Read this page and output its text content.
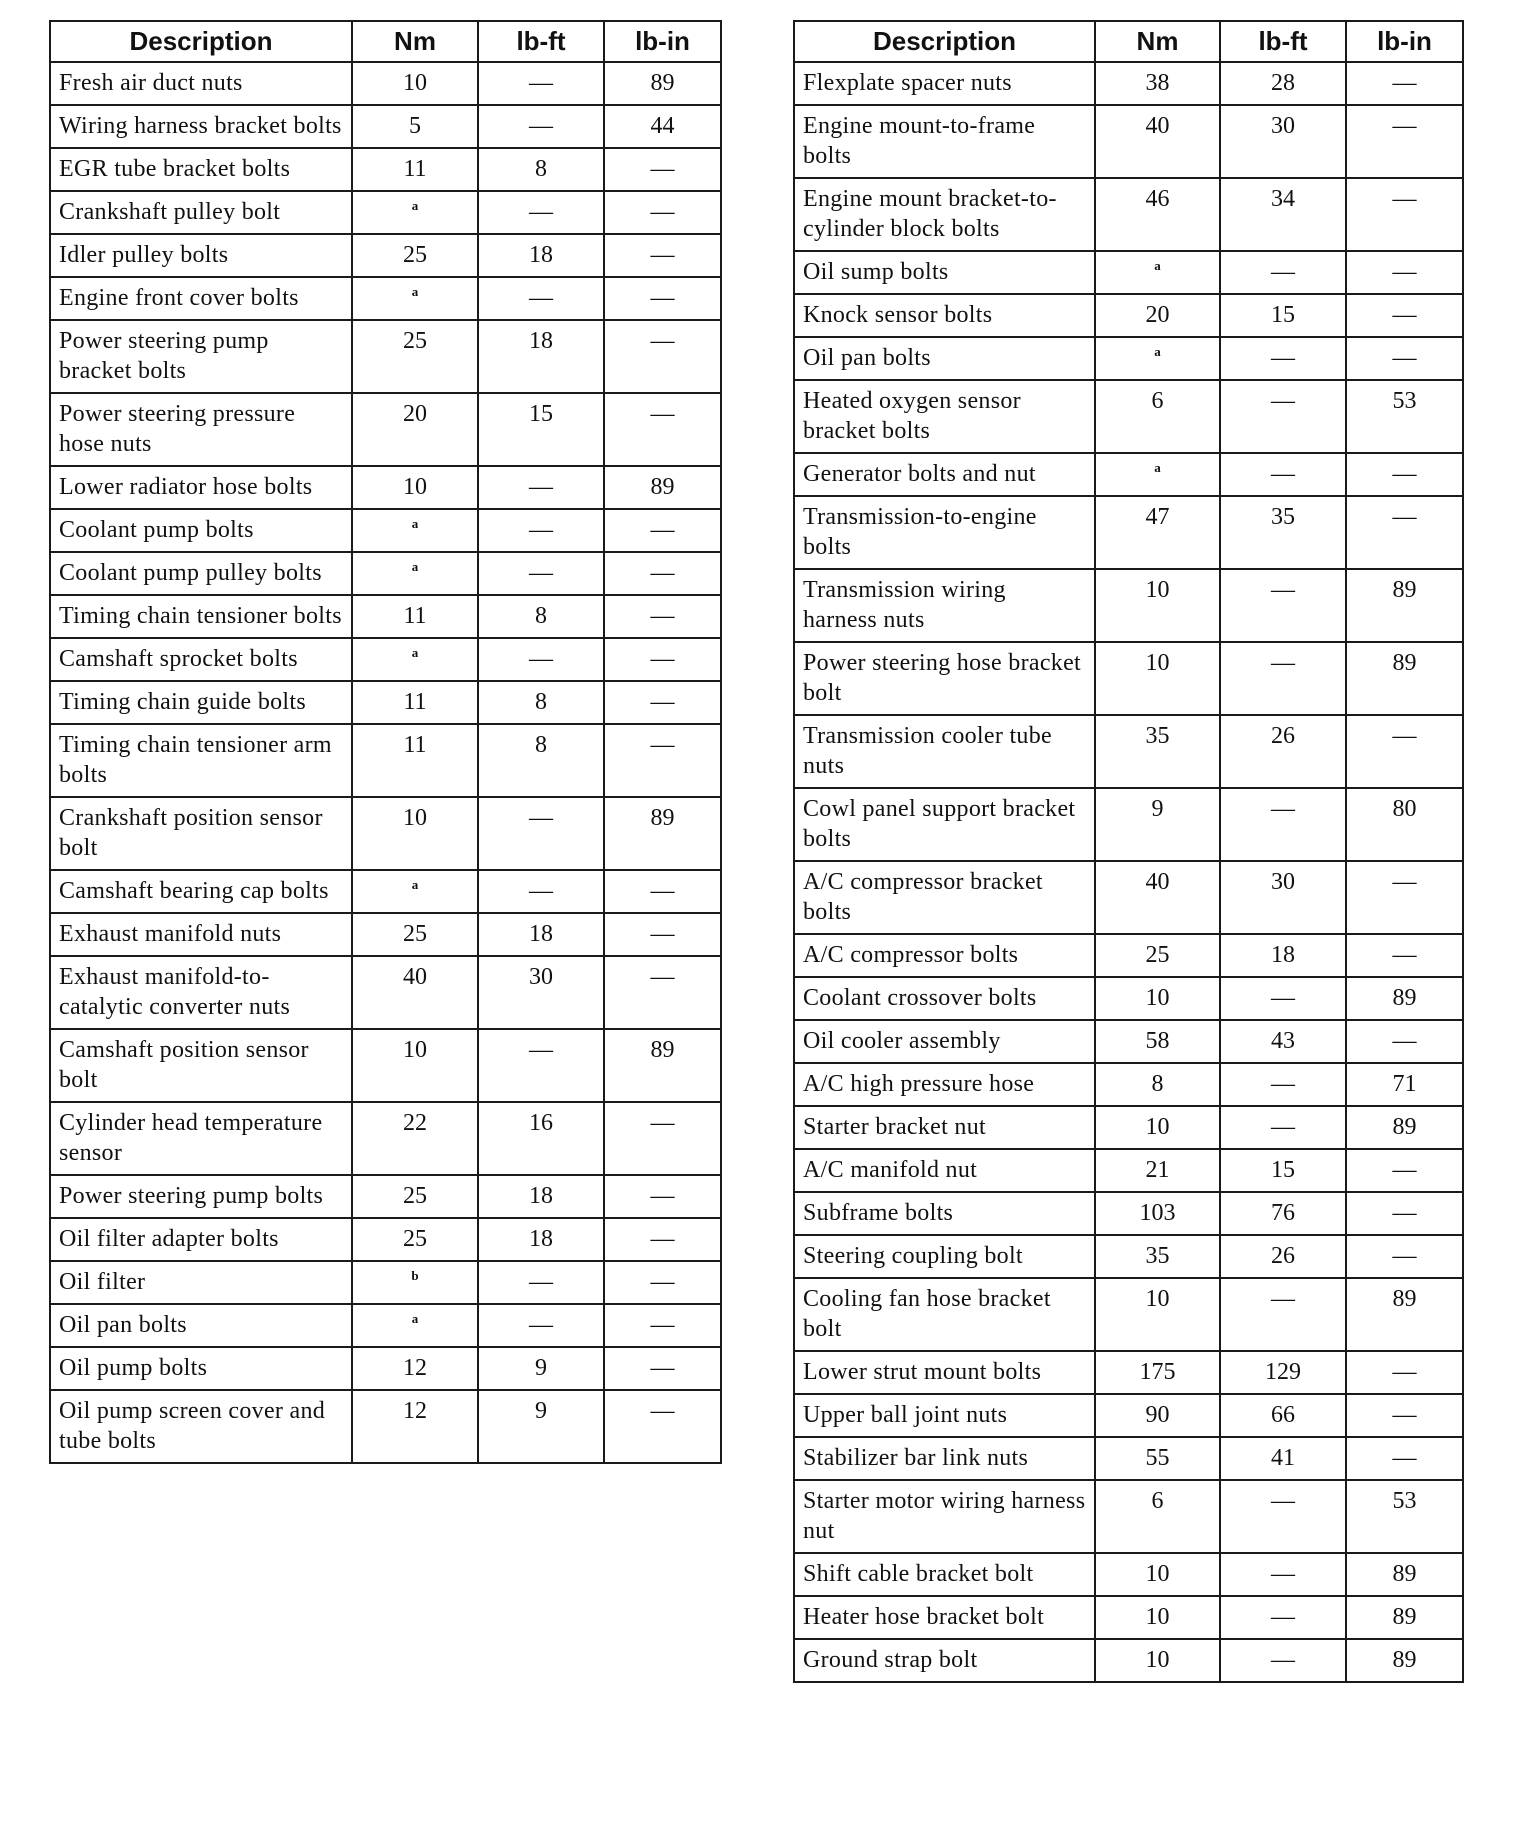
Description	Nm	lb-ft	lb-in
Fresh air duct nuts	10	—	89
Wiring harness bracket bolts	5	—	44
EGR tube bracket bolts	11	8	—
Crankshaft pulley bolt	a	—	—
Idler pulley bolts	25	18	—
Engine front cover bolts	a	—	—
Power steering pump bracket bolts	25	18	—
Power steering pressure hose nuts	20	15	—
Lower radiator hose bolts	10	—	89
Coolant pump bolts	a	—	—
Coolant pump pulley bolts	a	—	—
Timing chain tensioner bolts	11	8	—
Camshaft sprocket bolts	a	—	—
Timing chain guide bolts	11	8	—
Timing chain tensioner arm bolts	11	8	—
Crankshaft position sensor bolt	10	—	89
Camshaft bearing cap bolts	a	—	—
Exhaust manifold nuts	25	18	—
Exhaust manifold-to-catalytic converter nuts	40	30	—
Camshaft position sensor bolt	10	—	89
Cylinder head temperature sensor	22	16	—
Power steering pump bolts	25	18	—
Oil filter adapter bolts	25	18	—
Oil filter	b	—	—
Oil pan bolts	a	—	—
Oil pump bolts	12	9	—
Oil pump screen cover and tube bolts	12	9	—
Description	Nm	lb-ft	lb-in
Flexplate spacer nuts	38	28	—
Engine mount-to-frame bolts	40	30	—
Engine mount bracket-to-cylinder block bolts	46	34	—
Oil sump bolts	a	—	—
Knock sensor bolts	20	15	—
Oil pan bolts	a	—	—
Heated oxygen sensor bracket bolts	6	—	53
Generator bolts and nut	a	—	—
Transmission-to-engine bolts	47	35	—
Transmission wiring harness nuts	10	—	89
Power steering hose bracket bolt	10	—	89
Transmission cooler tube nuts	35	26	—
Cowl panel support bracket bolts	9	—	80
A/C compressor bracket bolts	40	30	—
A/C compressor bolts	25	18	—
Coolant crossover bolts	10	—	89
Oil cooler assembly	58	43	—
A/C high pressure hose	8	—	71
Starter bracket nut	10	—	89
A/C manifold nut	21	15	—
Subframe bolts	103	76	—
Steering coupling bolt	35	26	—
Cooling fan hose bracket bolt	10	—	89
Lower strut mount bolts	175	129	—
Upper ball joint nuts	90	66	—
Stabilizer bar link nuts	55	41	—
Starter motor wiring harness nut	6	—	53
Shift cable bracket bolt	10	—	89
Heater hose bracket bolt	10	—	89
Ground strap bolt	10	—	89
